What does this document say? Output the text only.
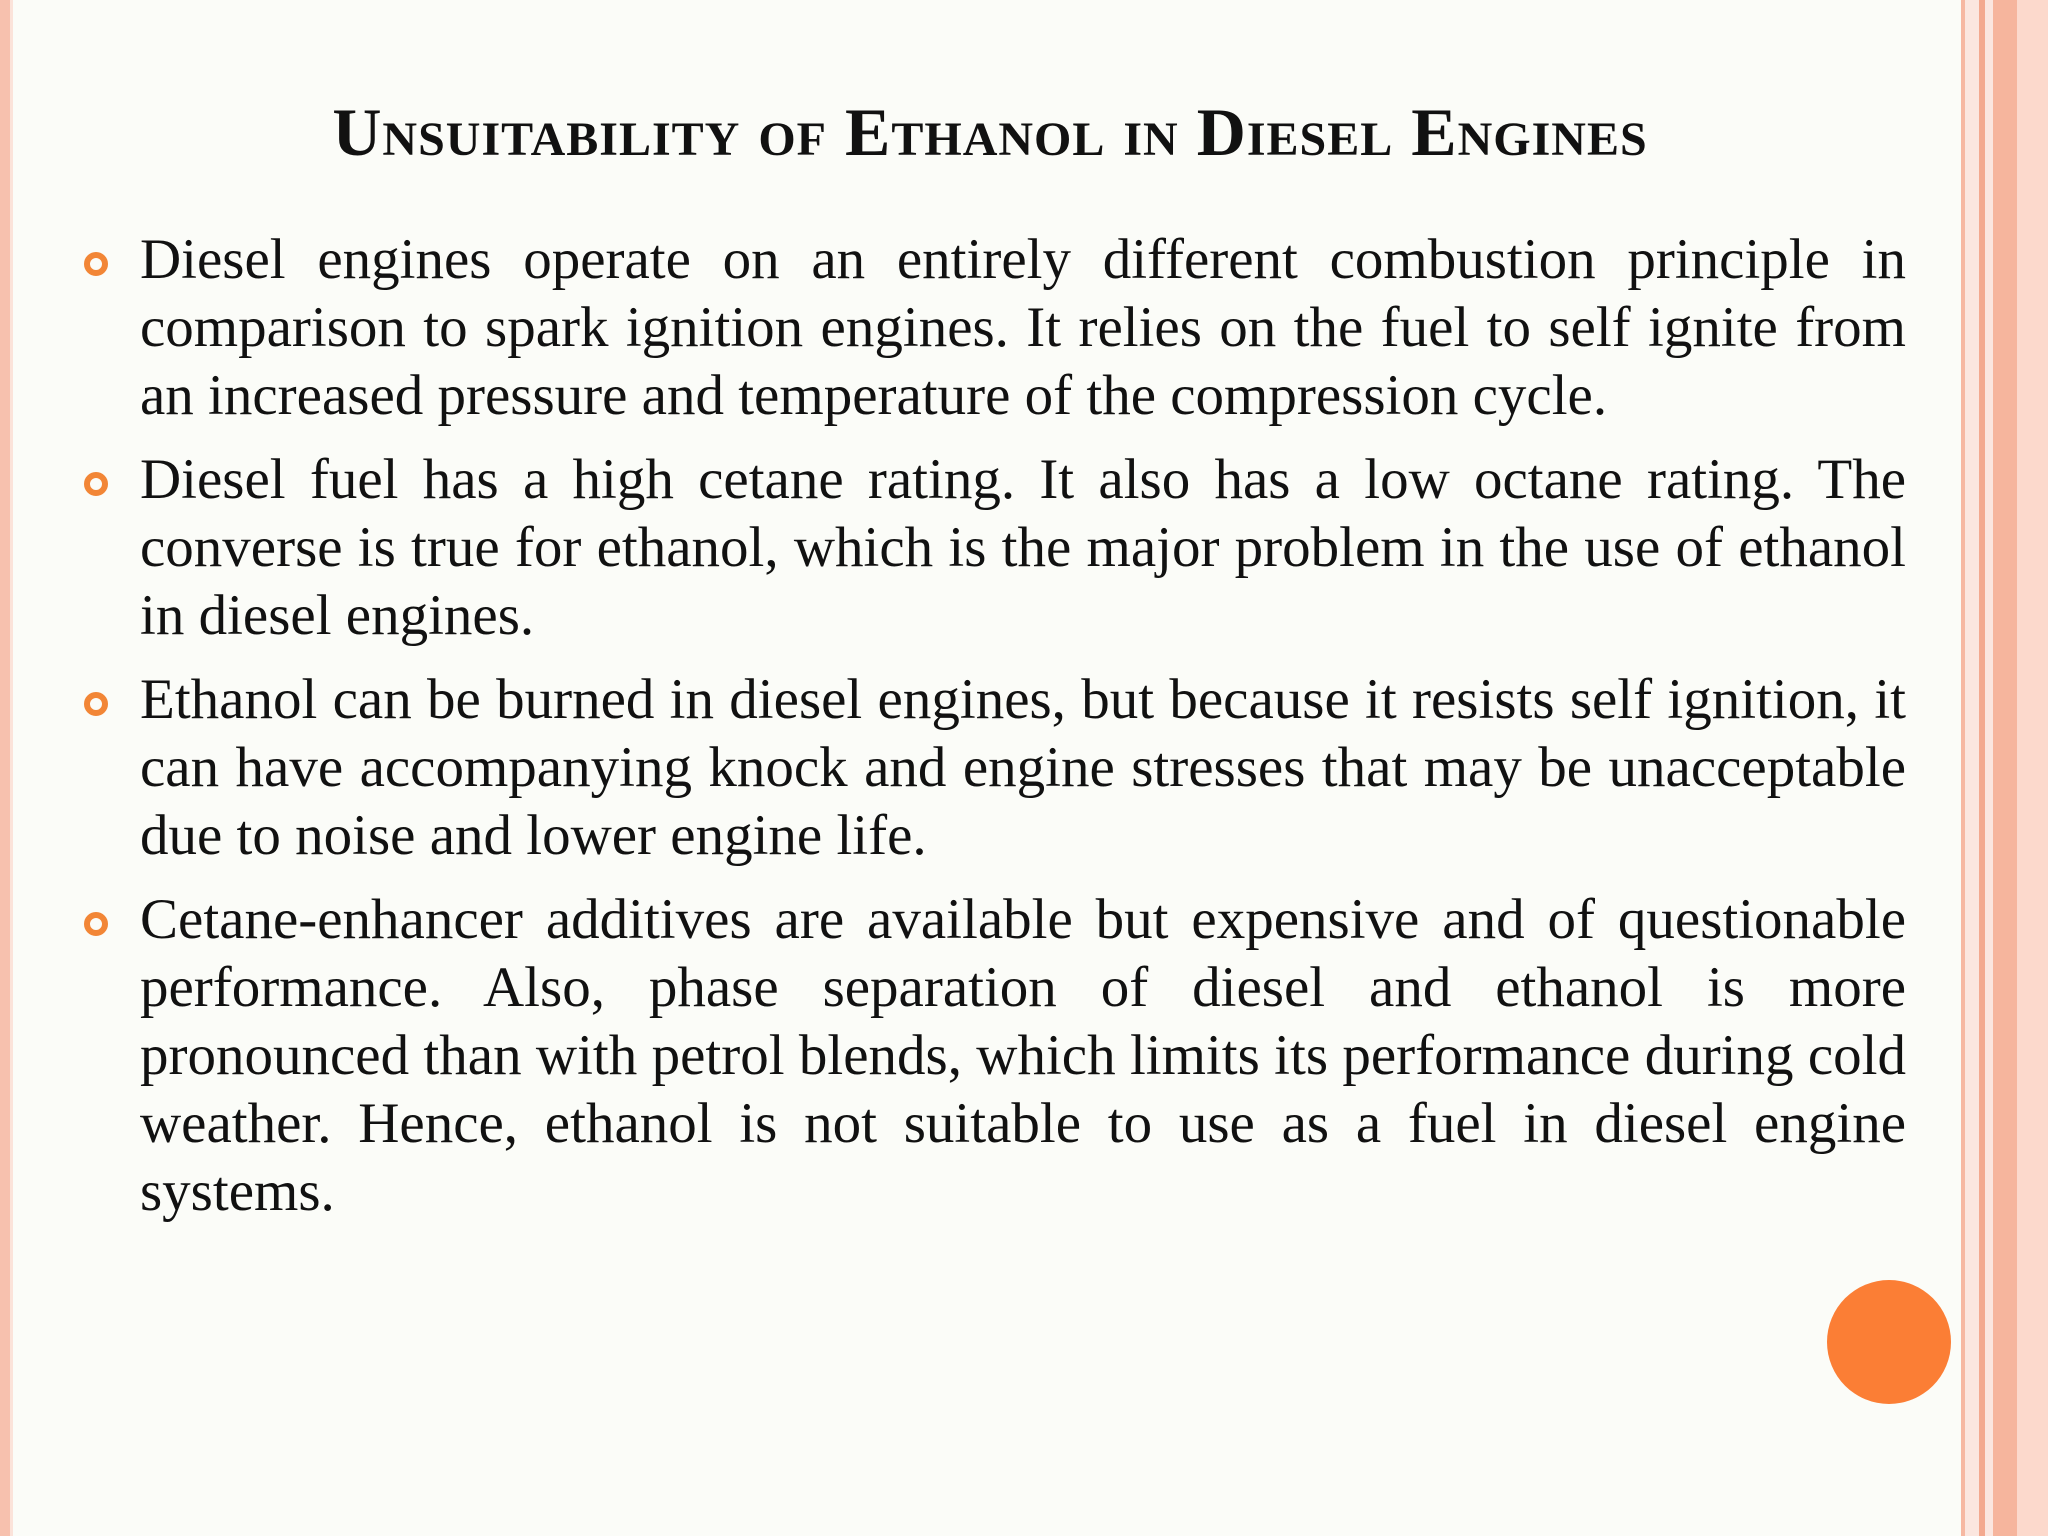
Unsuitability of Ethanol in Diesel Engines
Diesel engines operate on an entirely different combustion principle in comparison to spark ignition engines. It relies on the fuel to self ignite from an increased pressure and temperature of the compression cycle.
Diesel fuel has a high cetane rating. It also has a low octane rating. The converse is true for ethanol, which is the major problem in the use of ethanol in diesel engines.
Ethanol can be burned in diesel engines, but because it resists self ignition, it can have accompanying knock and engine stresses that may be unacceptable due to noise and lower engine life.
Cetane-enhancer additives are available but expensive and of questionable performance. Also, phase separation of diesel and ethanol is more pronounced than with petrol blends, which limits its performance during cold weather. Hence, ethanol is not suitable to use as a fuel in diesel engine systems.
